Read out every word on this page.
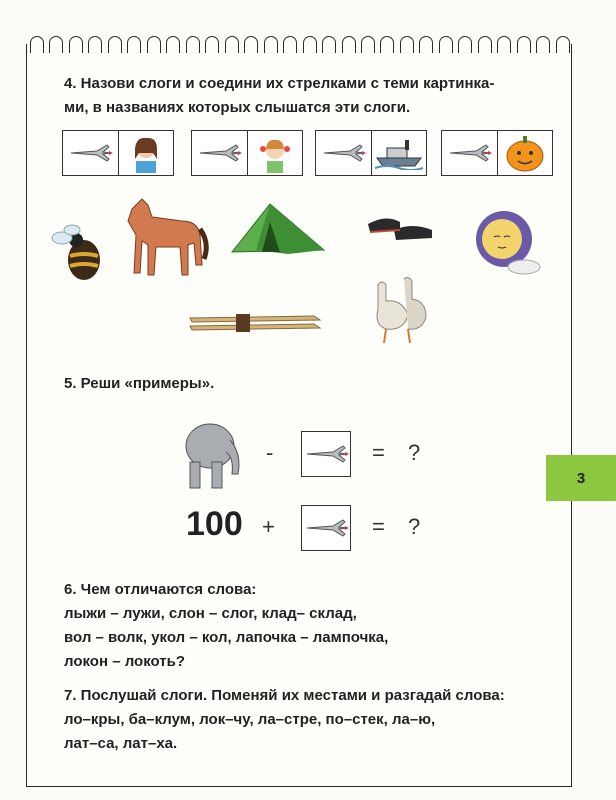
4. Назови слоги и соедини их стрелками с теми картинка-
ми, в названиях которых слышатся эти слоги.
5. Реши «примеры».
-	= ?
100 +	= ?
6. Чем отличаются слова:
лыжи – лужи, слон – слог, клад– склад,
вол – волк, укол – кол, лапочка – лампочка,
локон – локоть?
7. Послушай слоги. Поменяй их местами и разгадай слова:
ло–кры, ба–клум, лок–чу, ла–стре, по–стек, ла–ю,
лат–са, лат–ха.
3
